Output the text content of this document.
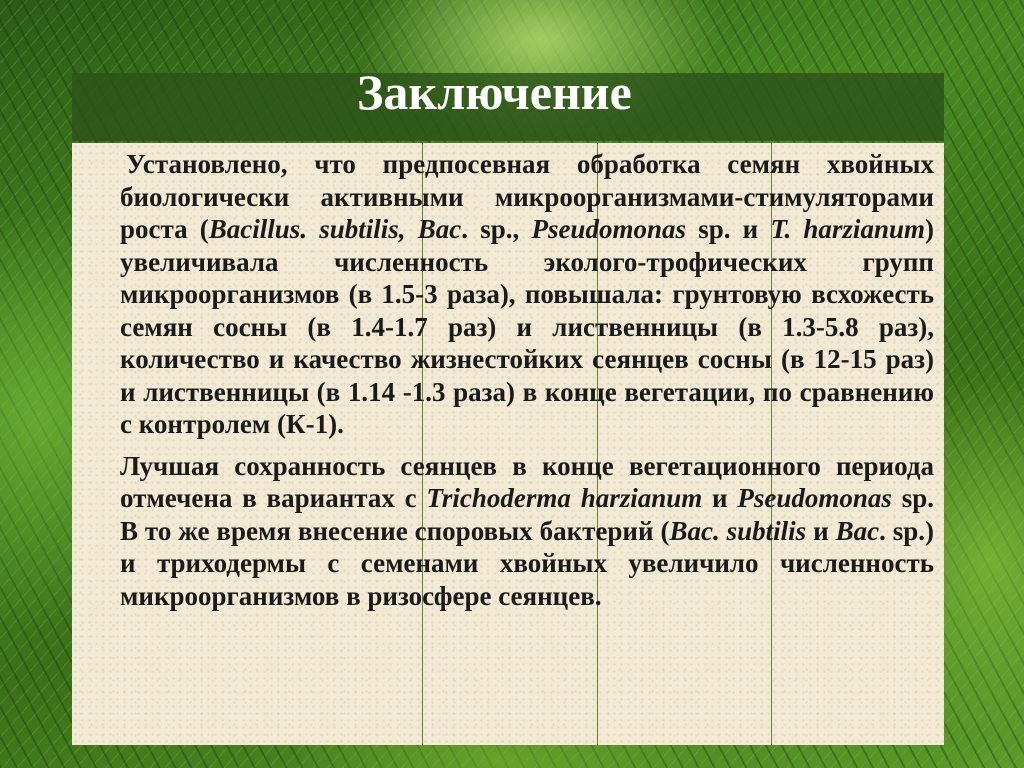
Заключение

Установлено, что предпосевная обработка семян хвойных биологически активными микроорганизмами-стимуляторами роста (Bacillus. subtilis, Bac. sp., Pseudomonas sp. и T. harzianum) увеличивала численность эколого-трофических групп микроорганизмов (в 1.5-3 раза), повышала: грунтовую всхожесть семян сосны (в 1.4-1.7 раз) и лиственницы (в 1.3-5.8 раз), количество и качество жизнестойких сеянцев сосны (в 12-15 раз) и лиственницы (в 1.14 -1.3 раза) в конце вегетации, по сравнению с контролем (К-1).

Лучшая сохранность сеянцев в конце вегетационного периода отмечена в вариантах с Trichoderma harzianum и Pseudomonas sp. В то же время внесение споровых бактерий (Bac. subtilis и Bac. sp.) и триходермы с семенами хвойных увеличило численность микроорганизмов в ризосфере сеянцев.
